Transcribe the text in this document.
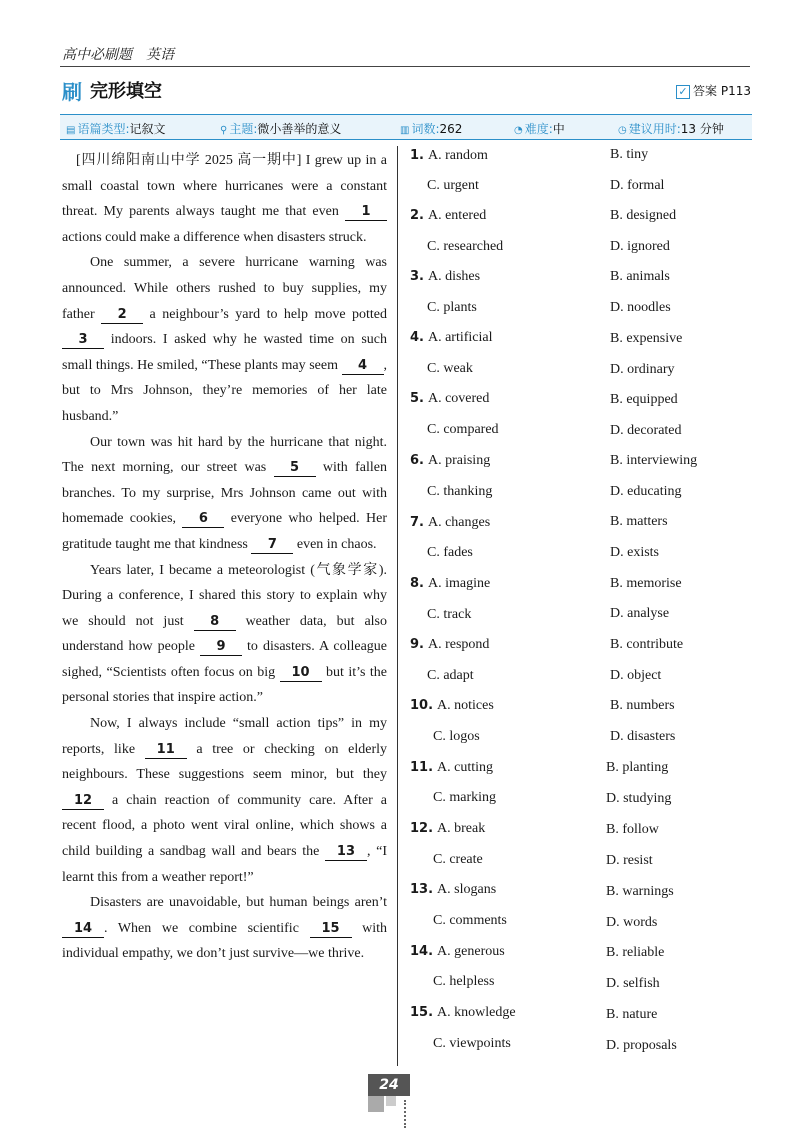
高中必刷题　英语
刷 完形填空	✓ 答案 P113
▤ 语篇类型:记叙文	⚲ 主题:微小善举的意义	▥ 词数:262	◔ 难度:中	◷ 建议用时:13 分钟

[四川绵阳南山中学 2025 高一期中] I grew up in a small coastal town where hurricanes were a constant threat. My parents always taught me that even 1 actions could make a difference when disasters struck.

One summer, a severe hurricane warning was announced. While others rushed to buy supplies, my father 2 a neighbour’s yard to help move potted 3 indoors. I asked why he wasted time on such small things. He smiled, “These plants may seem 4 , but to Mrs Johnson, they’re memories of her late husband.”

Our town was hit hard by the hurricane that night. The next morning, our street was 5 with fallen branches. To my surprise, Mrs Johnson came out with homemade cookies, 6 everyone who helped. Her gratitude taught me that kindness 7 even in chaos.

Years later, I became a meteorologist (气象学家). During a conference, I shared this story to explain why we should not just 8 weather data, but also understand how people 9 to disasters. A colleague sighed, “Scientists often focus on big 10 but it’s the personal stories that inspire action.”

Now, I always include “small action tips” in my reports, like 11 a tree or checking on elderly neighbours. These suggestions seem minor, but they 12 a chain reaction of community care. After a recent flood, a photo went viral online, which shows a child building a sandbag wall and bears the 13 , “I learnt this from a weather report!”

Disasters are unavoidable, but human beings aren’t 14 . When we combine scientific 15 with individual empathy, we don’t just survive—we thrive.

1. A. random	B. tiny
C. urgent	D. formal
2. A. entered	B. designed
C. researched	D. ignored
3. A. dishes	B. animals
C. plants	D. noodles
4. A. artificial	B. expensive
C. weak	D. ordinary
5. A. covered	B. equipped
C. compared	D. decorated
6. A. praising	B. interviewing
C. thanking	D. educating
7. A. changes	B. matters
C. fades	D. exists
8. A. imagine	B. memorise
C. track	D. analyse
9. A. respond	B. contribute
C. adapt	D. object
10. A. notices	B. numbers
C. logos	D. disasters
11. A. cutting	B. planting
C. marking	D. studying
12. A. break	B. follow
C. create	D. resist
13. A. slogans	B. warnings
C. comments	D. words
14. A. generous	B. reliable
C. helpless	D. selfish
15. A. knowledge	B. nature
C. viewpoints	D. proposals
24
